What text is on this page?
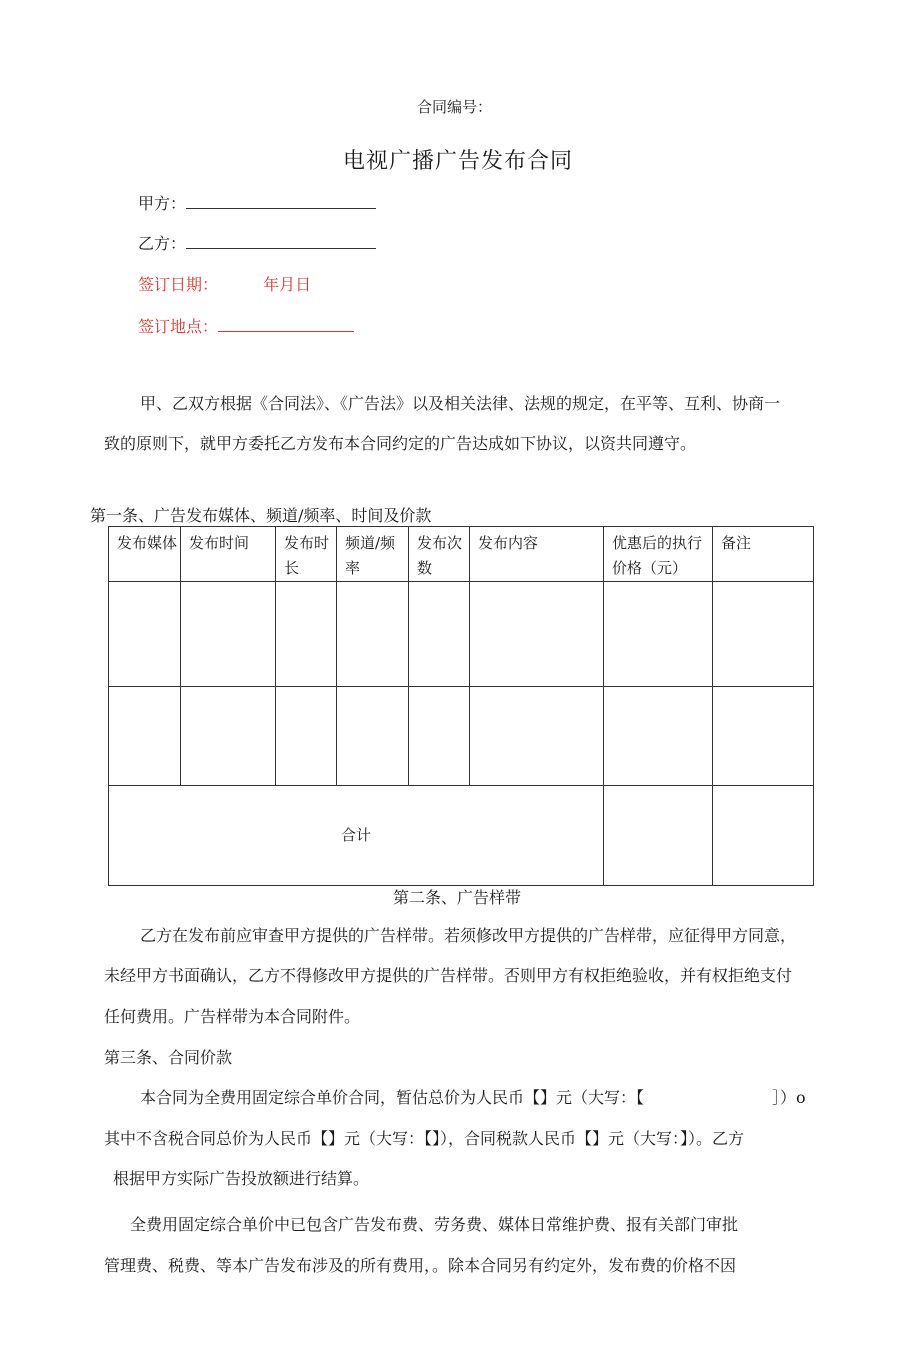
合同编号：
电视广播广告发布合同
甲方：
乙方：
签订日期：	年月日
签订地点：
甲、乙双方根据《合同法》、《广告法》以及相关法律、法规的规定，在平等、互利、协商一
致的原则下，就甲方委托乙方发布本合同约定的广告达成如下协议，以资共同遵守。
第一条、广告发布媒体、频道/频率、时间及价款
发布媒体	发布时间	发布时长	频道/频率	发布次数	发布内容	优惠后的执行价格（元）	备注

合计							
第二条、广告样带
乙方在发布前应审查甲方提供的广告样带。若须修改甲方提供的广告样带，应征得甲方同意，
未经甲方书面确认，乙方不得修改甲方提供的广告样带。否则甲方有权拒绝验收，并有权拒绝支付
任何费用。广告样带为本合同附件。
第三条、合同价款
本合同为全费用固定综合单价合同，暂估总价为人民币【】元（大写：【	］）o
其中不含税合同总价为人民币【】元（大写：【】），合同税款人民币【】元（大写：】）。乙方
根据甲方实际广告投放额进行结算。
全费用固定综合单价中已包含广告发布费、劳务费、媒体日常维护费、报有关部门审批
管理费、税费、等本广告发布涉及的所有费用，。除本合同另有约定外，发布费的价格不因
